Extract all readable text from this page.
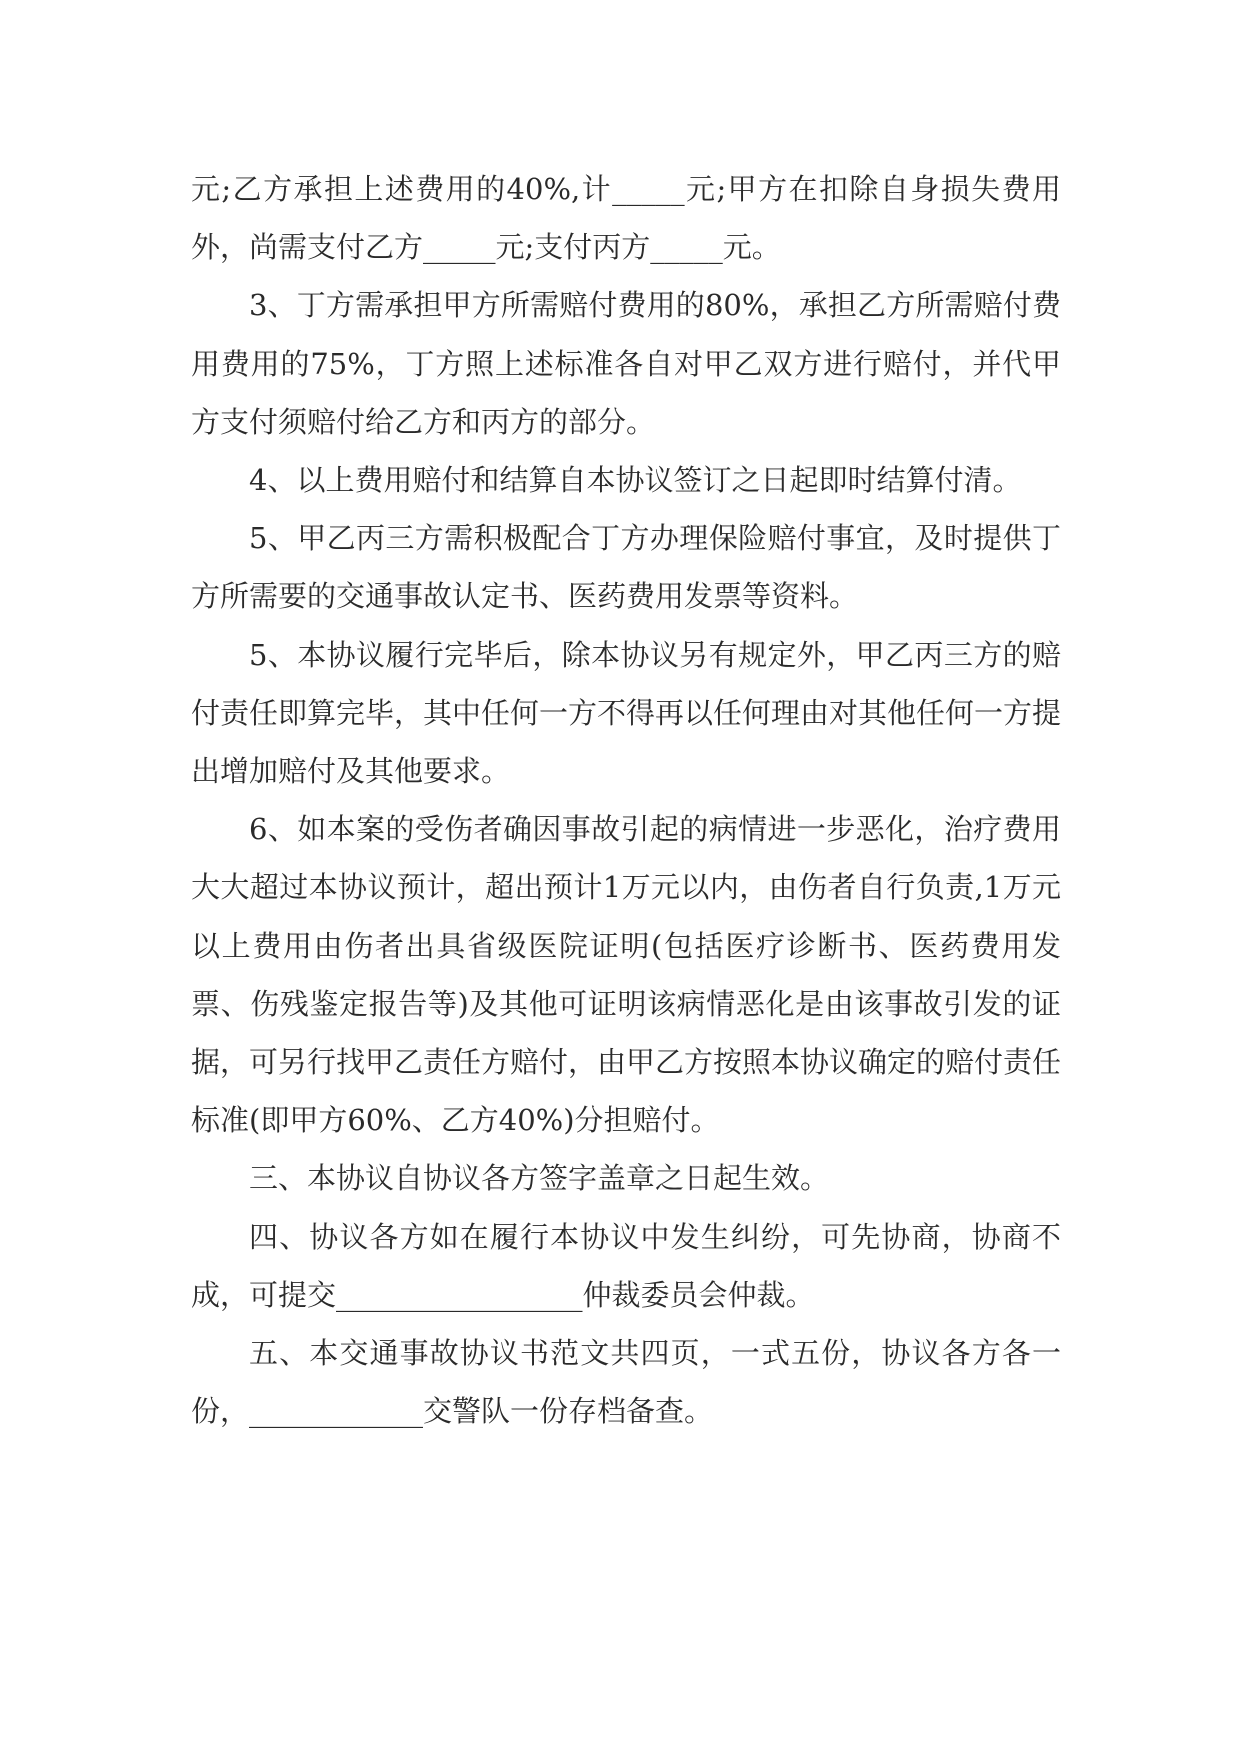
元;乙方承担上述费用的40%,计_____元;甲方在扣除自身损失费用外，尚需支付乙方_____元;支付丙方_____元。

3、丁方需承担甲方所需赔付费用的80%，承担乙方所需赔付费用费用的75%，丁方照上述标准各自对甲乙双方进行赔付，并代甲方支付须赔付给乙方和丙方的部分。

4、以上费用赔付和结算自本协议签订之日起即时结算付清。

5、甲乙丙三方需积极配合丁方办理保险赔付事宜，及时提供丁方所需要的交通事故认定书、医药费用发票等资料。

5、本协议履行完毕后，除本协议另有规定外，甲乙丙三方的赔付责任即算完毕，其中任何一方不得再以任何理由对其他任何一方提出增加赔付及其他要求。

6、如本案的受伤者确因事故引起的病情进一步恶化，治疗费用大大超过本协议预计，超出预计1万元以内，由伤者自行负责,1万元以上费用由伤者出具省级医院证明(包括医疗诊断书、医药费用发票、伤残鉴定报告等)及其他可证明该病情恶化是由该事故引发的证据，可另行找甲乙责任方赔付，由甲乙方按照本协议确定的赔付责任标准(即甲方60%、乙方40%)分担赔付。

三、本协议自协议各方签字盖章之日起生效。

四、协议各方如在履行本协议中发生纠纷，可先协商，协商不成，可提交_________________仲裁委员会仲裁。

五、本交通事故协议书范文共四页，一式五份，协议各方各一份，____________交警队一份存档备查。
